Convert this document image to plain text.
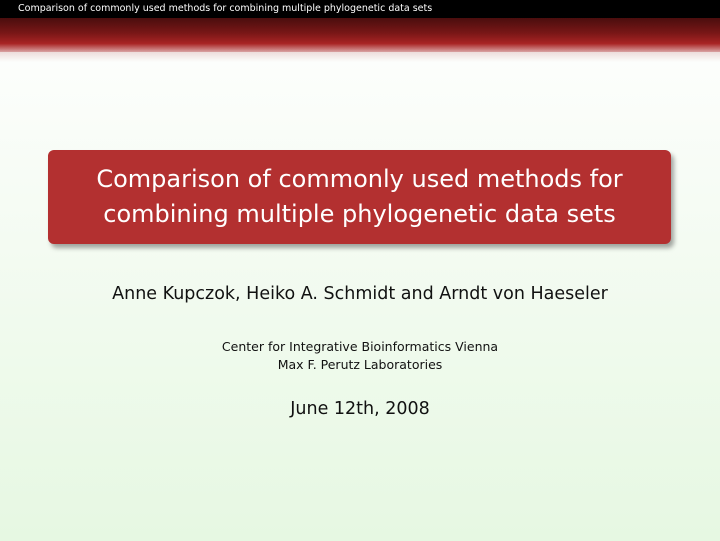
Comparison of commonly used methods for combining multiple phylogenetic data sets
Comparison of commonly used methods for
combining multiple phylogenetic data sets
Anne Kupczok, Heiko A. Schmidt and Arndt von Haeseler
Center for Integrative Bioinformatics Vienna
Max F. Perutz Laboratories
June 12th, 2008
